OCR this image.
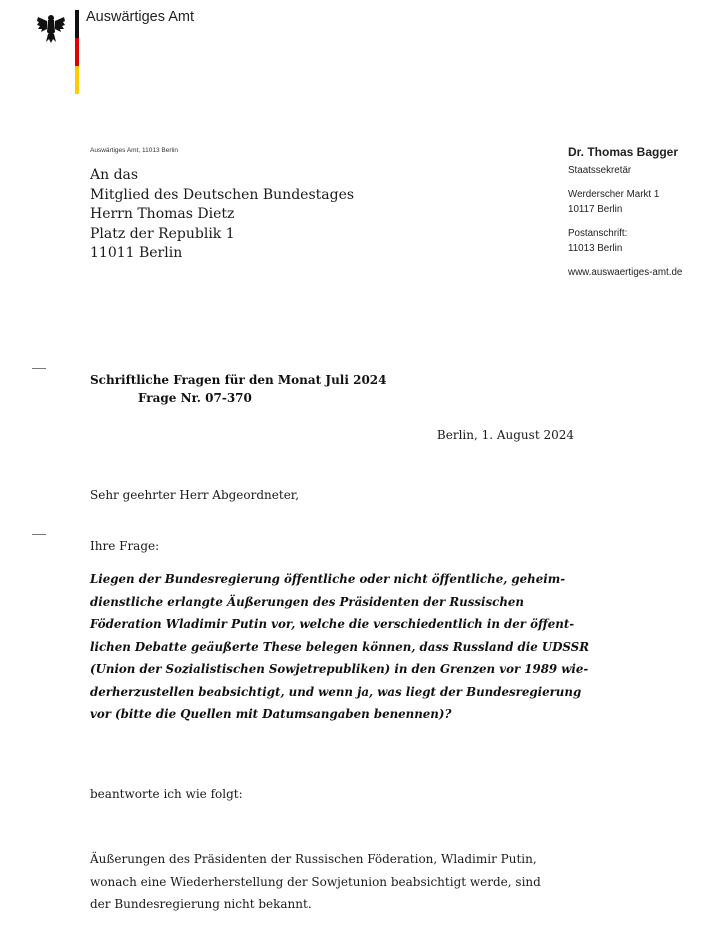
Auswärtiges Amt
Auswärtiges Amt, 11013 Berlin
An das
Mitglied des Deutschen Bundestages
Herrn Thomas Dietz
Platz der Republik 1
11011 Berlin
Dr. Thomas Bagger
Staatssekretär
Werderscher Markt 1
10117 Berlin
Postanschrift:
11013 Berlin
www.auswaertiges-amt.de
Schriftliche Fragen für den Monat Juli 2024
Frage Nr. 07-370
Berlin, 1. August 2024
Sehr geehrter Herr Abgeordneter,
Ihre Frage:
Liegen der Bundesregierung öffentliche oder nicht öffentliche, geheim-
dienstliche erlangte Äußerungen des Präsidenten der Russischen
Föderation Wladimir Putin vor, welche die verschiedentlich in der öffent-
lichen Debatte geäußerte These belegen können, dass Russland die UDSSR
(Union der Sozialistischen Sowjetrepubliken) in den Grenzen vor 1989 wie-
derherzustellen beabsichtigt, und wenn ja, was liegt der Bundesregierung
vor (bitte die Quellen mit Datumsangaben benennen)?
beantworte ich wie folgt:
Äußerungen des Präsidenten der Russischen Föderation, Wladimir Putin,
wonach eine Wiederherstellung der Sowjetunion beabsichtigt werde, sind
der Bundesregierung nicht bekannt.
